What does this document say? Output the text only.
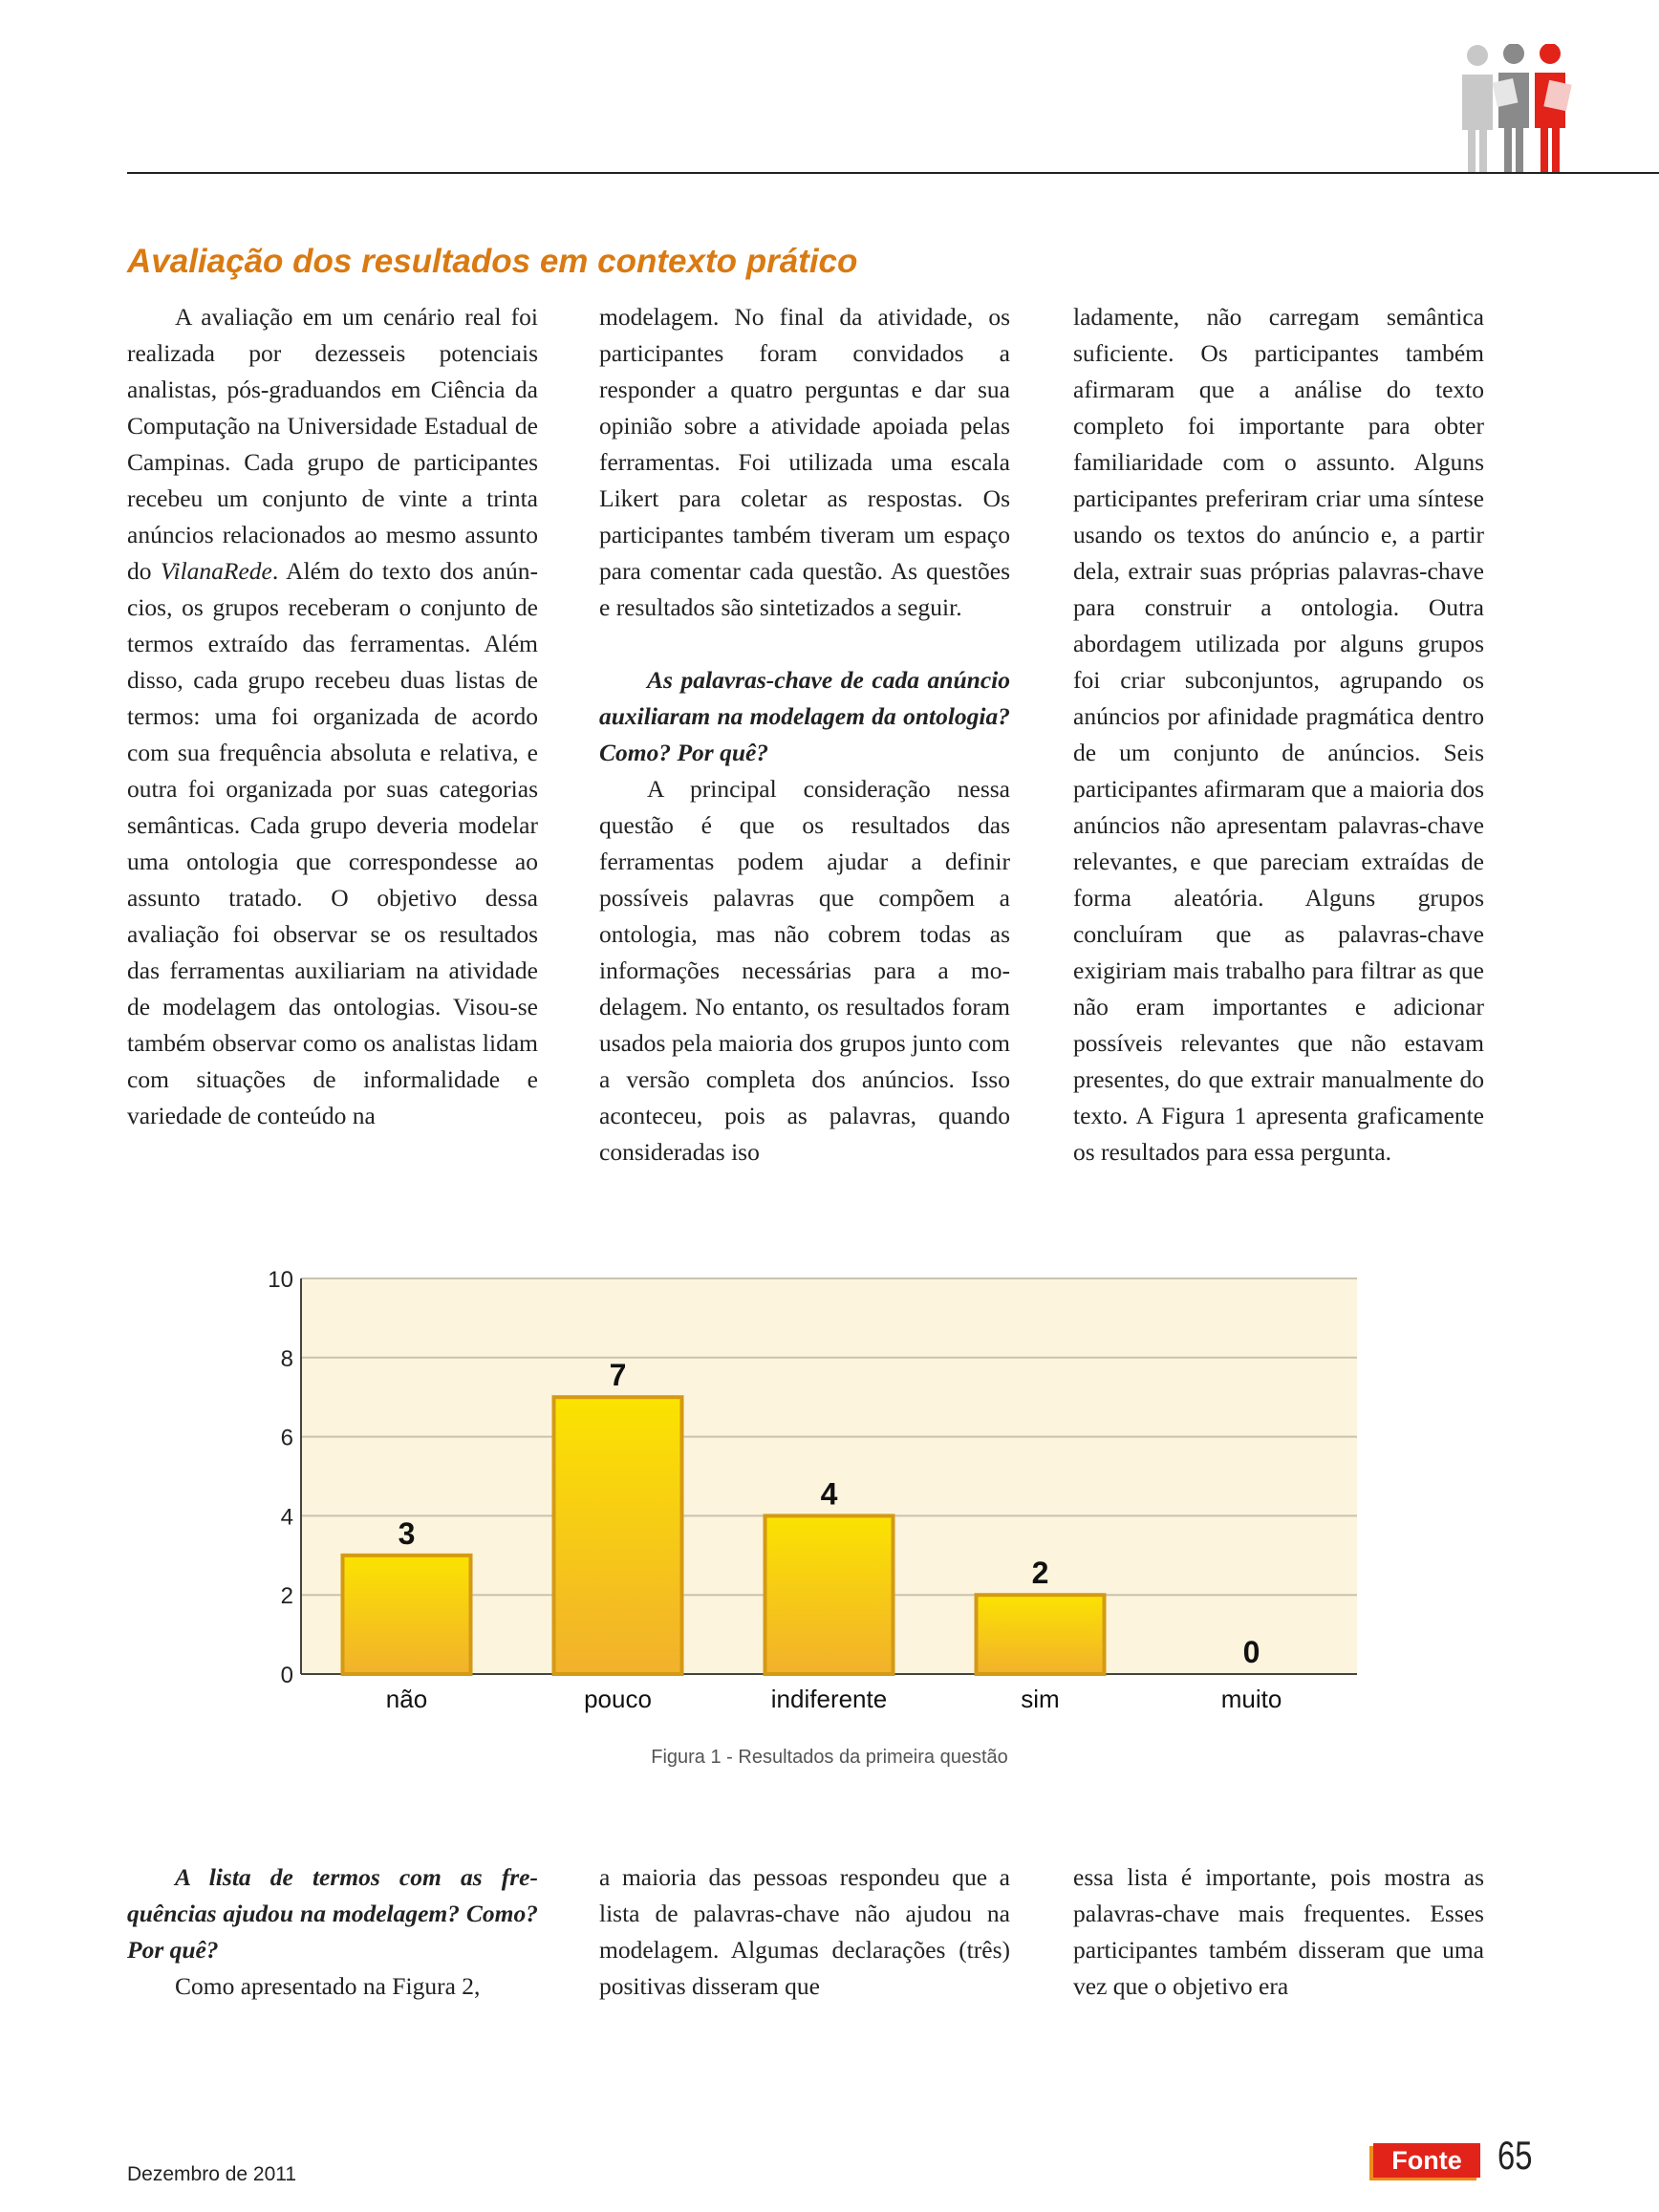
Avaliação dos resultados em contexto prático

A avaliação em um cenário real foi realizada por dezesseis potenciais analistas, pós-graduandos em Ciência da Computação na Universidade Estadual de Campinas. Cada grupo de participantes recebeu um conjunto de vinte a trinta anúncios relacionados ao mesmo assunto do VilanaRede. Além do texto dos anúncios, os grupos receberam o conjunto de termos extraído das ferramentas. Além disso, cada grupo recebeu duas listas de termos: uma foi organizada de acordo com sua frequência absoluta e relativa, e outra foi organizada por suas categorias semânticas. Cada grupo deveria modelar uma ontologia que correspondesse ao assunto tratado. O objetivo dessa avaliação foi observar se os resultados das ferramentas auxiliariam na atividade de modelagem das ontologias. Visou-se também observar como os analistas lidam com situações de informalidade e variedade de conteúdo na

modelagem. No final da atividade, os participantes foram convidados a responder a quatro perguntas e dar sua opinião sobre a atividade apoiada pelas ferramentas. Foi utilizada uma escala Likert para coletar as respostas. Os participantes também tiveram um espaço para comentar cada questão. As questões e resultados são sintetizados a seguir.

As palavras-chave de cada anúncio auxiliaram na modelagem da ontologia? Como? Por quê?

A principal consideração nessa questão é que os resultados das ferramentas podem ajudar a definir possíveis palavras que compõem a ontologia, mas não cobrem todas as informações necessárias para a modelagem. No entanto, os resultados foram usados pela maioria dos grupos junto com a versão completa dos anúncios. Isso aconteceu, pois as palavras, quando consideradas iso

ladamente, não carregam semântica suficiente. Os participantes também afirmaram que a análise do texto completo foi importante para obter familiaridade com o assunto. Alguns participantes preferiram criar uma síntese usando os textos do anúncio e, a partir dela, extrair suas próprias palavras-chave para construir a ontologia. Outra abordagem utilizada por alguns grupos foi criar subconjuntos, agrupando os anúncios por afinidade pragmática dentro de um conjunto de anúncios. Seis participantes afirmaram que a maioria dos anúncios não apresentam palavras-chave relevantes, e que pareciam extraídas de forma aleatória. Alguns grupos concluíram que as palavras-chave exigiriam mais trabalho para filtrar as que não eram importantes e adicionar possíveis relevantes que não estavam presentes, do que extrair manualmente do texto. A Figura 1 apresenta graficamente os resultados para essa pergunta.

0
2
4
6
8
10
3
não
7
pouco
4
indiferente
2
sim
0
muito
Figura 1 - Resultados da primeira questão

A lista de termos com as frequências ajudou na modelagem? Como? Por quê?

Como apresentado na Figura 2,

a maioria das pessoas respondeu que a lista de palavras-chave não ajudou na modelagem. Algumas declarações (três) positivas disseram que

essa lista é importante, pois mostra as palavras-chave mais frequentes. Esses participantes também disseram que uma vez que o objetivo era

Dezembro de 2011	Fonte 65
